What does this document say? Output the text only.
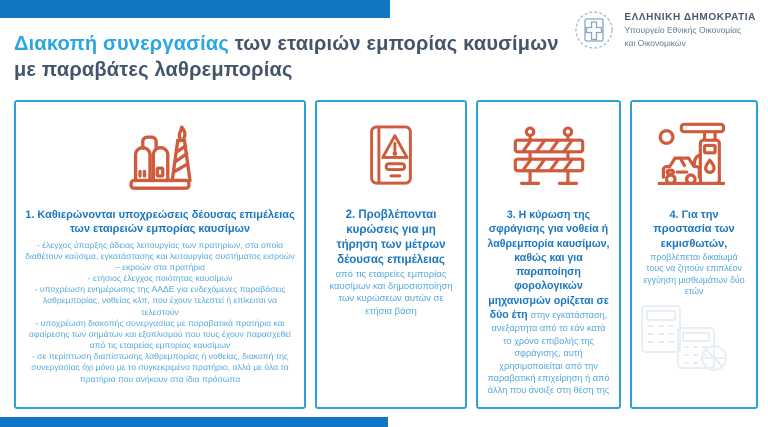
Διακοπή συνεργασίας των εταιριών εμπορίας καυσίμων με παραβάτες λαθρεμπορίας
ΕΛΛΗΝΙΚΗ ΔΗΜΟΚΡΑΤΙΑ
Υπουργείο Εθνικής Οικονομίας
και Οικονομικών
1. Καθιερώνονται υποχρεώσεις δέουσας επιμέλειας των εταιρειών εμπορίας καυσίμων
- έλεγχος ύπαρξης άδειας λειτουργίας των πρατηρίων, στα οποία διαθέτουν καύσιμα, εγκατάστασης και λειτουργίας συστήματος εισροών – εκροών στα πρατήρια
- ετήσιος έλεγχος ποιότητας καυσίμων
- υποχρέωση ενημέρωσης της ΑΑΔΕ για ενδεχόμενες παραβάσεις λαθρεμπορίας, νοθείας κλπ, που έχουν τελεστεί ή επίκειται να τελεστούν
- υποχρέωση διακοπής συνεργασίας με παραβατικά πρατήρια και αφαίρεσης των σημάτων και εξοπλισμού που τους έχουν παρασχεθεί από τις εταιρείας εμπορίας καυσίμων
- σε περίπτωση διαπίστωσης λαθρεμπορίας ή νοθείας, διακοπή της συνεργασίας όχι μόνο με το συγκεκριμένο πρατήριο, αλλά με όλα τα πρατήρια που ανήκουν στα ίδια πρόσωπα
2. Προβλέπονται κυρώσεις για μη τήρηση των μέτρων δέουσας επιμέλειας
από τις εταιρείες εμπορίας καυσίμων και δημοσιοποίηση των κυρώσεων αυτών σε ετήσια βάση

3. Η κύρωση της σφράγισης για νοθεία ή λαθρεμπορία καυσίμων, καθώς και για παραποίηση φορολογικών μηχανισμών ορίζεται σε δύο έτη στην εγκατάσταση, ανεξάρτητα από το εάν κατά το χρόνο επιβολής της σφράγισης, αυτή χρησιμοποιείται από την παραβατική επιχείρηση ή από άλλη που άνοιξε στη θέση της

4. Για την προστασία των εκμισθωτών,
προβλέπεται δικαίωμά τους να ζητούν επιπλέον εγγύηση μισθωμάτων δύο ετών
